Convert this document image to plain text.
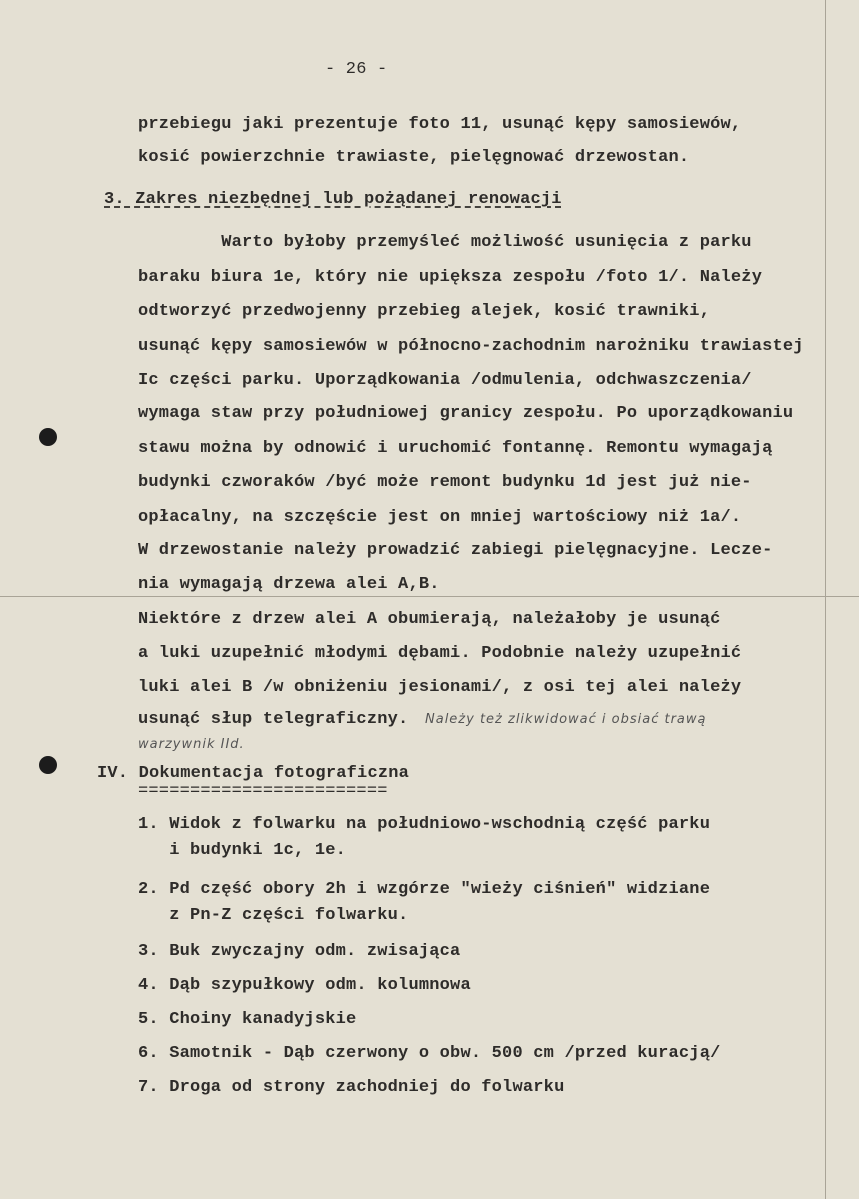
- 26 -
przebiegu jaki prezentuje foto 11, usunąć kępy samosiewów,
kosić powierzchnie trawiaste, pielęgnować drzewostan.
3. Zakres niezbędnej lub pożądanej renowacji
Warto byłoby przemyśleć możliwość usunięcia z parku
baraku biura 1e, który nie upiększa zespołu /foto 1/. Należy
odtworzyć przedwojenny przebieg alejek, kosić trawniki,
usunąć kępy samosiewów w północno-zachodnim narożniku trawiastej
Ic części parku. Uporządkowania /odmulenia, odchwaszczenia/
wymaga staw przy południowej granicy zespołu. Po uporządkowaniu
stawu można by odnowić i uruchomić fontannę. Remontu wymagają
budynki czworaków /być może remont budynku 1d jest już nie-
opłacalny, na szczęście jest on mniej wartościowy niż 1a/.
W drzewostanie należy prowadzić zabiegi pielęgnacyjne. Lecze-
nia wymagają drzewa alei A,B.
Niektóre z drzew alei A obumierają, należałoby je usunąć
a luki uzupełnić młodymi dębami. Podobnie należy uzupełnić
luki alei B /w obniżeniu jesionami/, z osi tej alei należy
usunąć słup telegraficzny. Należy też zlikwidować i obsiać trawą
warzywnik IId.
IV. Dokumentacja fotograficzna
========================
1. Widok z folwarku na południowo-wschodnią część parku
i budynki 1c, 1e.
2. Pd część obory 2h i wzgórze "wieży ciśnień" widziane
z Pn-Z części folwarku.
3. Buk zwyczajny odm. zwisająca
4. Dąb szypułkowy odm. kolumnowa
5. Choiny kanadyjskie
6. Samotnik - Dąb czerwony o obw. 500 cm /przed kuracją/
7. Droga od strony zachodniej do folwarku
